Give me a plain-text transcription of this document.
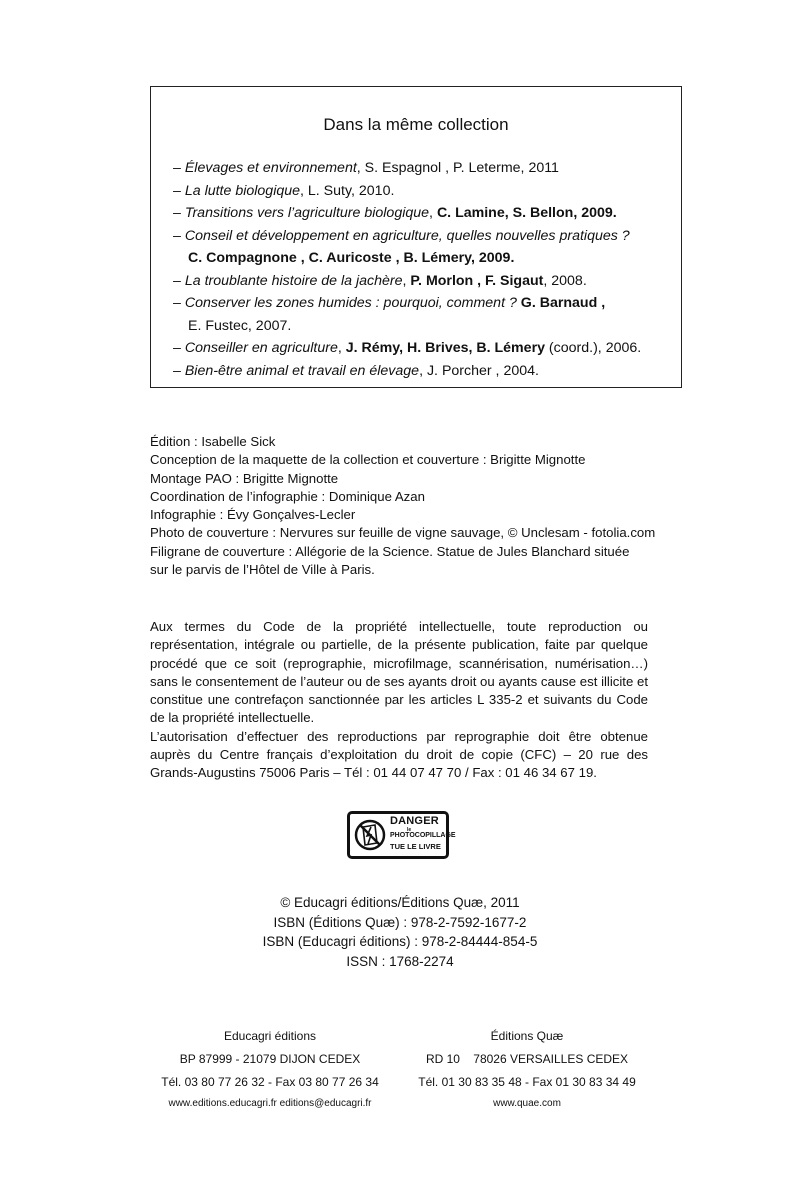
Dans la même collection
– Élevages et environnement, S. Espagnol , P. Leterme, 2011
– La lutte biologique, L. Suty, 2010.
– Transitions vers l’agriculture biologique, C. Lamine, S. Bellon, 2009.
– Conseil et développement en agriculture, quelles nouvelles pratiques ?
C. Compagnone , C. Auricoste , B. Lémery, 2009.
– La troublante histoire de la jachère, P. Morlon , F. Sigaut, 2008.
– Conserver les zones humides : pourquoi, comment ? G. Barnaud ,
E. Fustec, 2007.
– Conseiller en agriculture, J. Rémy, H. Brives, B. Lémery (coord.), 2006.
– Bien-être animal et travail en élevage, J. Porcher , 2004.
Édition : Isabelle Sick
Conception de la maquette de la collection et couverture : Brigitte Mignotte
Montage PAO : Brigitte Mignotte
Coordination de l’infographie : Dominique Azan
Infographie : Évy Gonçalves-Lecler
Photo de couverture : Nervures sur feuille de vigne sauvage, © Unclesam - fotolia.com
Filigrane de couverture : Allégorie de la Science. Statue de Jules Blanchard située
sur le parvis de l’Hôtel de Ville à Paris.
Aux termes du Code de la propriété intellectuelle, toute reproduction ou représentation, intégrale ou partielle, de la présente publication, faite par quelque procédé que ce soit (reprographie, microfilmage, scannérisation, numérisation…) sans le consentement de l’auteur ou de ses ayants droit ou ayants cause est illicite et constitue une contrefaçon sanctionnée par les articles L 335-2 et suivants du Code de la propriété intellectuelle.
L’autorisation d’effectuer des reproductions par reprographie doit être obtenue auprès du Centre français d’exploitation du droit de copie (CFC) – 20 rue des Grands-Augustins 75006 Paris – Tél : 01 44 07 47 70 / Fax : 01 46 34 67 19.
DANGER
le
PHOTOCOPILLAGE
TUE LE LIVRE
© Educagri éditions/Éditions Quæ, 2011
ISBN (Éditions Quæ) : 978-2-7592-1677-2
ISBN (Educagri éditions) : 978-2-84444-854-5
ISSN : 1768-2274
Educagri éditions
BP 87999 - 21079 DIJON CEDEX
Tél. 03 80 77 26 32 - Fax 03 80 77 26 34
www.editions.educagri.fr editions@educagri.fr
Éditions Quæ
RD 10    78026 VERSAILLES CEDEX
Tél. 01 30 83 35 48 - Fax 01 30 83 34 49
www.quae.com
